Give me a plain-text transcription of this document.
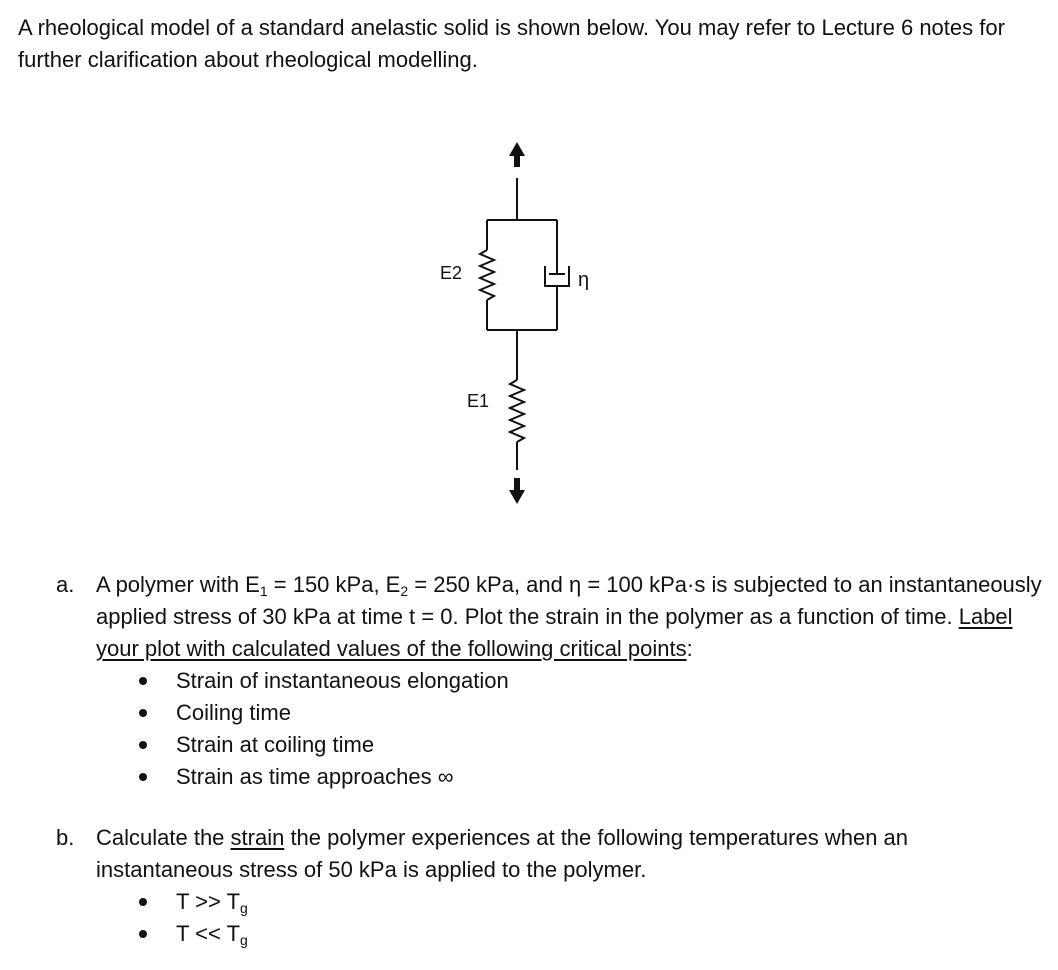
A rheological model of a standard anelastic solid is shown below. You may refer to Lecture 6 notes for further clarification about rheological modelling.

E2	η
E1
a. A polymer with $E_1 = 150$ kPa, $E_2 = 250$ kPa, and η = 100 kPa·s is subjected to an instantaneously applied stress of 30 kPa at time t = 0. Plot the strain in the polymer as a function of time. Label your plot with calculated values of the following critical points:

Strain of instantaneous elongation
Coiling time
Strain at coiling time
Strain as time approaches ∞
b. Calculate the strain the polymer experiences at the following temperatures when an instantaneous stress of 50 kPa is applied to the polymer.

$T >> T_g$
$T << T_g$
